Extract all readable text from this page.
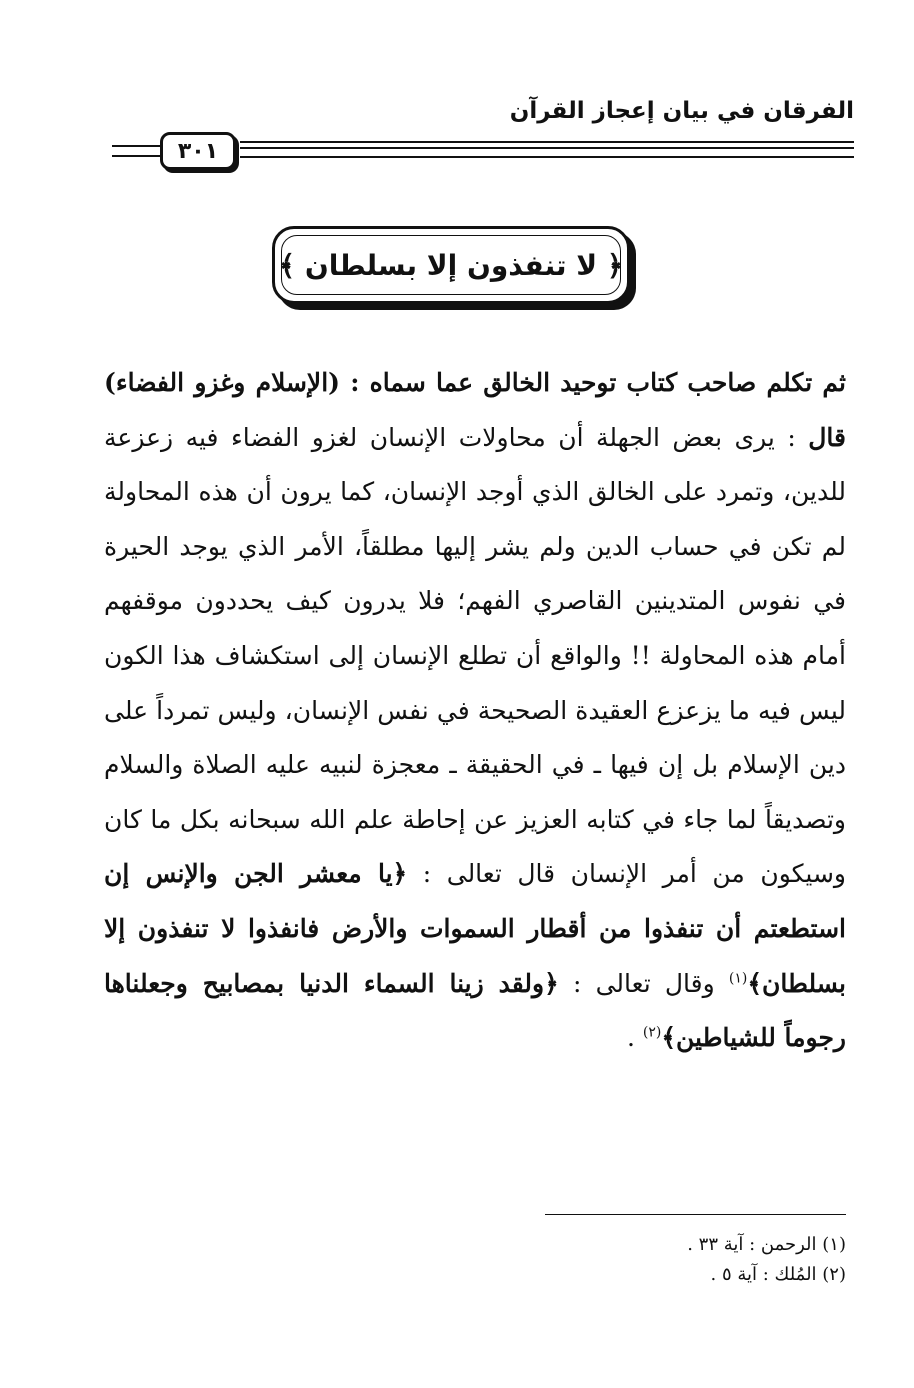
الفرقان في بيان إعجاز القرآن
٣٠١
﴿ لا تنفذون إلا بسلطان ﴾
ثم تكلم صاحب كتاب توحيد الخالق عما سماه : (الإسلام وغزو الفضاء) قال : يرى بعض الجهلة أن محاولات الإنسان لغزو الفضاء فيه زعزعة للدين، وتمرد على الخالق الذي أوجد الإنسان، كما يرون أن هذه المحاولة لم تكن في حساب الدين ولم يشر إليها مطلقاً، الأمر الذي يوجد الحيرة في نفوس المتدينين القاصري الفهم؛ فلا يدرون كيف يحددون موقفهم أمام هذه المحاولة !! والواقع أن تطلع الإنسان إلى استكشاف هذا الكون ليس فيه ما يزعزع العقيدة الصحيحة في نفس الإنسان، وليس تمرداً على دين الإسلام بل إن فيها ـ في الحقيقة ـ معجزة لنبيه عليه الصلاة والسلام وتصديقاً لما جاء في كتابه العزيز عن إحاطة علم الله سبحانه بكل ما كان وسيكون من أمر الإنسان قال تعالى : ﴿يا معشر الجن والإنس إن استطعتم أن تنفذوا من أقطار السموات والأرض فانفذوا لا تنفذون إلا بسلطان﴾$^{(١)}$ وقال تعالى : ﴿ولقد زينا السماء الدنيا بمصابيح وجعلناها رجوماً للشياطين﴾$^{(٢)}$ .
(١) الرحمن : آية ٣٣ .
(٢) المُلك : آية ٥ .
